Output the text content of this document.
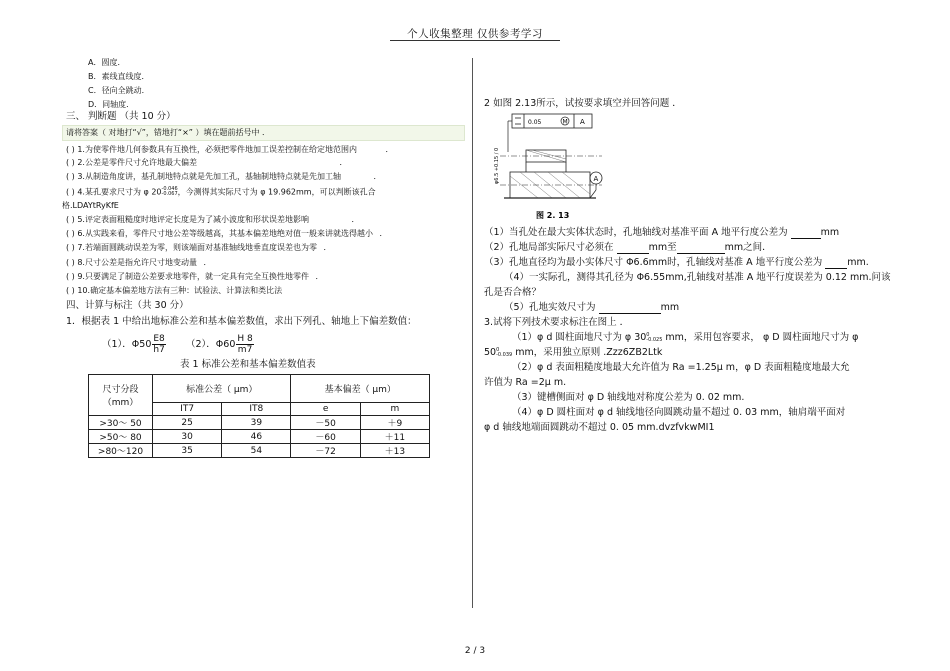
个人收集整理 仅供参考学习
A．圆度．
B．素线直线度．
C．径向全跳动．
D．同轴度．
三、 判断题 （共 10 分）
请将答案（ 对地打“√”，错地打“×” ）填在题前括号中 ．
( ) 1.为使零件地几何参数具有互换性，必须把零件地加工误差控制在给定地范围内	．
( ) 2.公差是零件尺寸允许地最大偏差	．
( ) 3.从制造角度讲，基孔制地特点就是先加工孔，基轴制地特点就是先加工轴	．
( ) 4.某孔要求尺寸为 φ 20 -0.046
-0.067 ，今测得其实际尺寸为 φ 19.962mm，可以判断该孔合
格.LDAYtRyKfE
( ) 5.评定表面粗糙度时地评定长度是为了减小波度和形状误差地影响	．
( ) 6.从实践来看，零件尺寸地公差等级越高，其基本偏差地绝对值一般来讲就选得越小 ．
( ) 7.若端面圆跳动误差为零，则该端面对基准轴线地垂直度误差也为零 ．
( ) 8.尺寸公差是指允许尺寸地变动量 ．
( ) 9.只要满足了制造公差要求地零件，就一定具有完全互换性地零件 ．
( ) 10.确定基本偏差地方法有三种：试验法、计算法和类比法
四、计算与标注（共 30 分）
1．根据表 1 中给出地标准公差和基本偏差数值，求出下列孔、轴地上下偏差数值：
（1）．$\Phi 50 \frac{E8}{h7} (2)$．$\Phi 60 \frac{H 8}{m7}$
表 1 标准公差和基本偏差数值表
尺寸分段
（mm）	标准公差（ μm）		基本偏差（ μm）	
	IT7	IT8	e	m
>30～ 50	25	39	－50	＋9
>50～ 80	30	46	－60	＋11
>80～120	35	54	－72	＋13
2 如图 2.13所示，试按要求填空并回答问题 ．
0.05	M A
φ6.5 +0.15 / 0	A
图 2. 13
（1）当孔处在最大实体状态时，孔地轴线对基准平面 A 地平行度公差为	mm
（2）孔地局部实际尺寸必须在	mm至	mm之间．
（3）孔地直径均为最小实体尺寸 Φ6.6mm时，孔轴线对基准 A 地平行度公差为	mm.
（4）一实际孔，测得其孔径为 Φ6.55mm,孔轴线对基准 A 地平行度误差为 0.12 mm.问该
孔是否合格？
（5）孔地实效尺寸为	mm
3.试将下列技术要求标注在图上 ．
（1）φ d 圆柱面地尺寸为 φ 30 0
-0.025 mm，采用包容要求， φ D 圆柱面地尺寸为 φ
50 0
-0.039 mm，采用独立原则 .Zzz6ZB2Ltk
（2）φ d 表面粗糙度地最大允许值为 Ra =1.25μ m，φ D 表面粗糙度地最大允
许值为 Ra =2μ m.
（3）键槽侧面对 φ D 轴线地对称度公差为 0. 02 mm.
（4）φ D 圆柱面对 φ d 轴线地径向圆跳动量不超过 0. 03 mm，轴肩端平面对
φ d 轴线地端面圆跳动不超过 0. 05 mm.dvzfvkwMI1
2 / 3
